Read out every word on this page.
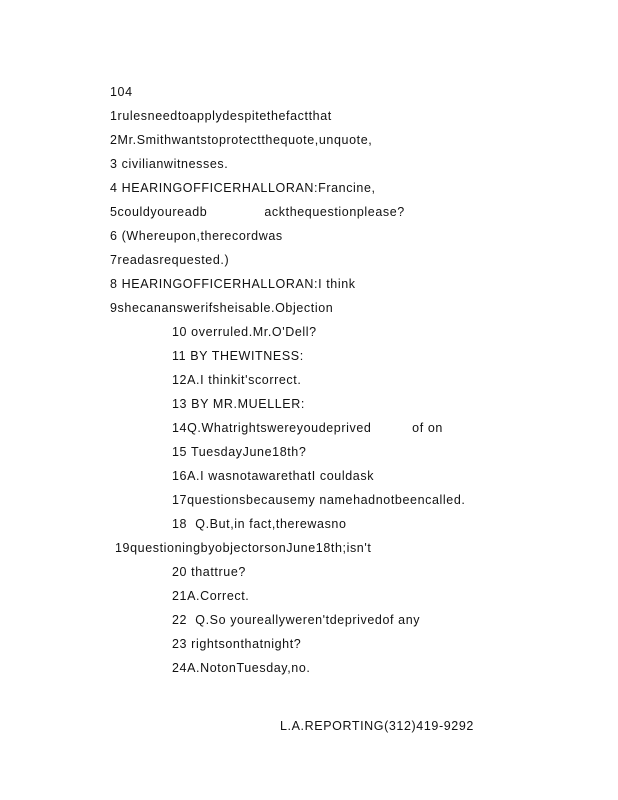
104
1rulesneedtoapplydespitethefactthat
2Mr.Smithwantstoprotectthequote,unquote,
3 civilianwitnesses.
4 HEARINGOFFICERHALLORAN:Francine,
5couldyoureadb              ackthequestionplease?
6 (Whereupon,therecordwas
7readasrequested.)
8 HEARINGOFFICERHALLORAN:I think
9shecananswerifsheisable.Objection
10 overruled.Mr.O'Dell?
11 BY THEWITNESS:
12A.I thinkit'scorrect.
13 BY MR.MUELLER:
14Q.Whatrightswereyoudeprived          of on
15 TuesdayJune18th?
16A.I wasnotawarethatI couldask
17questionsbecausemy namehadnotbeencalled.
18  Q.But,in fact,therewasno
19questioningbyobjectorsonJune18th;isn't
20 thattrue?
21A.Correct.
22  Q.So youreallyweren'tdeprivedof any
23 rightsonthatnight?
24A.NotonTuesday,no.
L.A.REPORTING(312)419-9292
